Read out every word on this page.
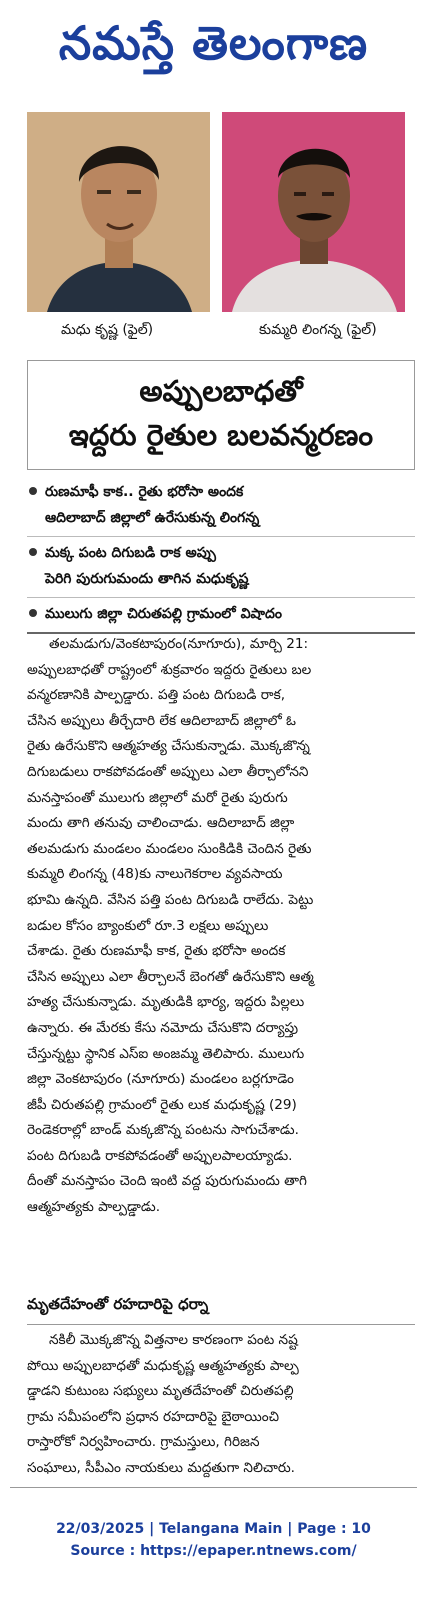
నమస్తే తెలంగాణ
మధు కృష్ణ (ఫైల్)	కుమ్మరి లింగన్న (ఫైల్)
అప్పులబాధతో
ఇద్దరు రైతుల బలవన్మరణం
రుణమాఫీ కాక.. రైతు భరోసా అందక
ఆదిలాబాద్ జిల్లాలో ఉరేసుకున్న లింగన్న
మక్క పంట దిగుబడి రాక అప్పు
పెరిగి పురుగుమందు తాగిన మధుకృష్ణ
ములుగు జిల్లా చిరుతపల్లి గ్రామంలో విషాదం
తలమడుగు/వెంకటాపురం(నూగూరు), మార్చి 21:
అప్పులబాధతో రాష్ట్రంలో శుక్రవారం ఇద్దరు రైతులు బల
వన్మరణానికి పాల్పడ్డారు. పత్తి పంట దిగుబడి రాక,
చేసిన అప్పులు తీర్చేదారి లేక ఆదిలాబాద్ జిల్లాలో ఓ
రైతు ఉరేసుకొని ఆత్మహత్య చేసుకున్నాడు. మొక్కజొన్న
దిగుబడులు రాకపోవడంతో అప్పులు ఎలా తీర్చాలోనని
మనస్తాపంతో ములుగు జిల్లాలో మరో రైతు పురుగు
మందు తాగి తనువు చాలించాడు. ఆదిలాబాద్ జిల్లా
తలమడుగు మండలం మండలం సుంకిడికి చెందిన రైతు
కుమ్మరి లింగన్న (48)కు నాలుగెకరాల వ్యవసాయ
భూమి ఉన్నది. వేసిన పత్తి పంట దిగుబడి రాలేదు. పెట్టు
బడుల కోసం బ్యాంకులో రూ.3 లక్షలు అప్పులు
చేశాడు. రైతు రుణమాఫీ కాక, రైతు భరోసా అందక
చేసిన అప్పులు ఎలా తీర్చాలనే బెంగతో ఉరేసుకొని ఆత్మ
హత్య చేసుకున్నాడు. మృతుడికి భార్య, ఇద్దరు పిల్లలు
ఉన్నారు. ఈ మేరకు కేసు నమోదు చేసుకొని దర్యాప్తు
చేస్తున్నట్టు స్థానిక ఎస్ఐ అంజమ్మ తెలిపారు. ములుగు
జిల్లా వెంకటాపురం (నూగూరు) మండలం బర్లగూడెం
జీపీ చిరుతపల్లి గ్రామంలో రైతు లుక మధుకృష్ణ (29)
రెండెకరాల్లో బాండ్ మక్కజొన్న పంటను సాగుచేశాడు.
పంట దిగుబడి రాకపోవడంతో అప్పులపాలయ్యాడు.
దీంతో మనస్తాపం చెంది ఇంటి వద్ద పురుగుమందు తాగి
ఆత్మహత్యకు పాల్పడ్డాడు.
మృతదేహంతో రహదారిపై ధర్నా
నకిలీ మొక్కజొన్న విత్తనాల కారణంగా పంట నష్ట
పోయి అప్పులబాధతో మధుకృష్ణ ఆత్మహత్యకు పాల్ప
డ్డాడని కుటుంబ సభ్యులు మృతదేహంతో చిరుతపల్లి
గ్రామ సమీపంలోని ప్రధాన రహదారిపై బైఠాయించి
రాస్తారోకో నిర్వహించారు. గ్రామస్తులు, గిరిజన
సంఘాలు, సీపీఎం నాయకులు మద్దతుగా నిలిచారు.
22/03/2025 | Telangana Main | Page : 10
Source : https://epaper.ntnews.com/
